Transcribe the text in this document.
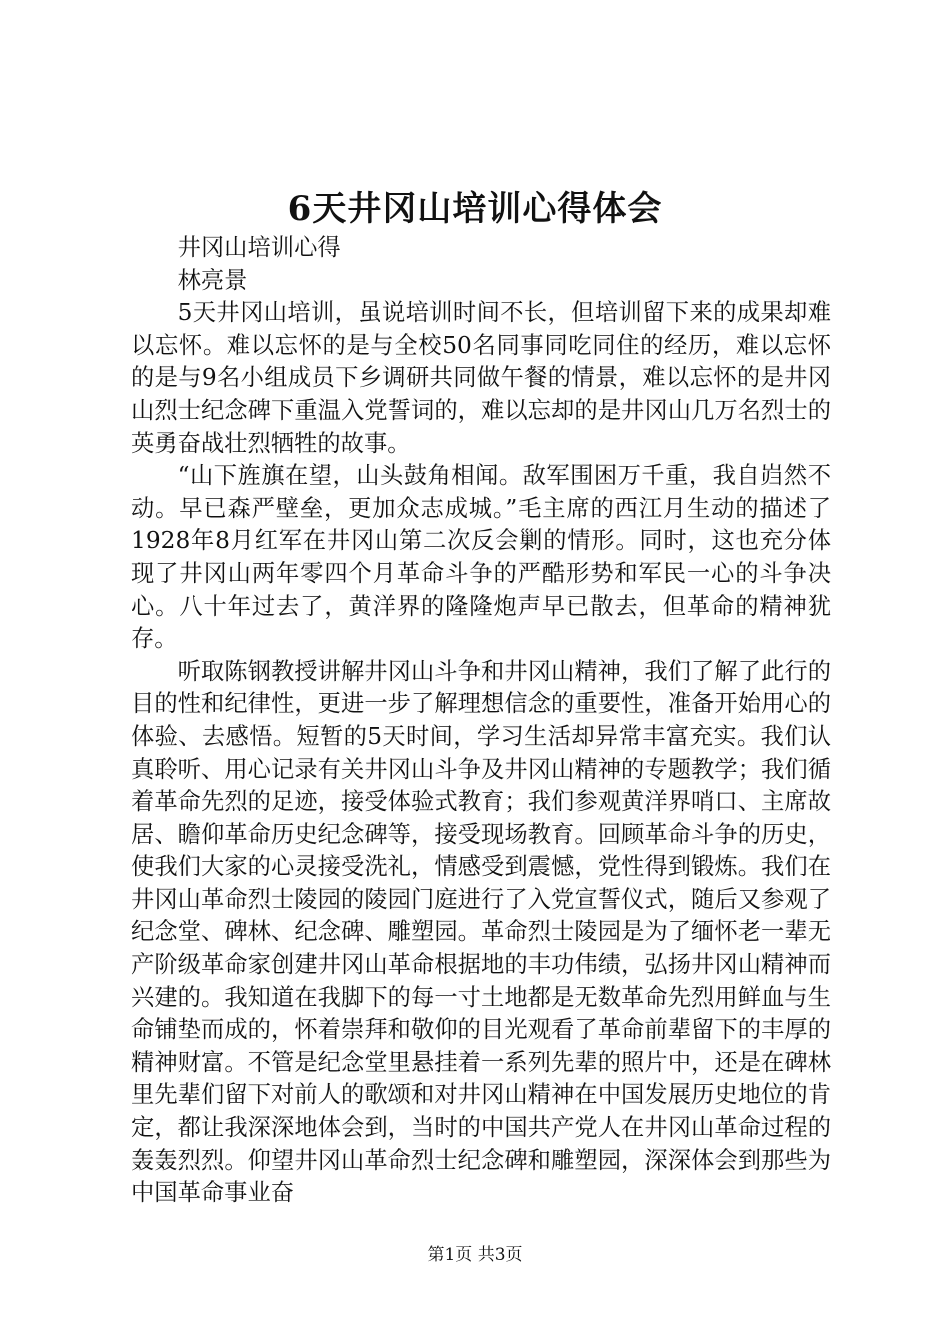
6天井冈山培训心得体会

井冈山培训心得

林亮景

5天井冈山培训，虽说培训时间不长，但培训留下来的成果却难以忘怀。难以忘怀的是与全校50名同事同吃同住的经历，难以忘怀的是与9名小组成员下乡调研共同做午餐的情景，难以忘怀的是井冈山烈士纪念碑下重温入党誓词的，难以忘却的是井冈山几万名烈士的英勇奋战壮烈牺牲的故事。

“山下旌旗在望，山头鼓角相闻。敌军围困万千重，我自岿然不动。早已森严壁垒，更加众志成城。”毛主席的西江月生动的描述了1928年8月红军在井冈山第二次反会剿的情形。同时，这也充分体现了井冈山两年零四个月革命斗争的严酷形势和军民一心的斗争决心。八十年过去了，黄洋界的隆隆炮声早已散去，但革命的精神犹存。

听取陈钢教授讲解井冈山斗争和井冈山精神，我们了解了此行的目的性和纪律性，更进一步了解理想信念的重要性，准备开始用心的体验、去感悟。短暂的5天时间，学习生活却异常丰富充实。我们认真聆听、用心记录有关井冈山斗争及井冈山精神的专题教学；我们循着革命先烈的足迹，接受体验式教育；我们参观黄洋界哨口、主席故居、瞻仰革命历史纪念碑等，接受现场教育。回顾革命斗争的历史，使我们大家的心灵接受洗礼，情感受到震憾，党性得到锻炼。我们在井冈山革命烈士陵园的陵园门庭进行了入党宣誓仪式，随后又参观了纪念堂、碑林、纪念碑、雕塑园。革命烈士陵园是为了缅怀老一辈无产阶级革命家创建井冈山革命根据地的丰功伟绩，弘扬井冈山精神而兴建的。我知道在我脚下的每一寸土地都是无数革命先烈用鲜血与生命铺垫而成的，怀着崇拜和敬仰的目光观看了革命前辈留下的丰厚的精神财富。不管是纪念堂里悬挂着一系列先辈的照片中，还是在碑林里先辈们留下对前人的歌颂和对井冈山精神在中国发展历史地位的肯定，都让我深深地体会到，当时的中国共产党人在井冈山革命过程的轰轰烈烈。仰望井冈山革命烈士纪念碑和雕塑园，深深体会到那些为中国革命事业奋

第1页 共3页
